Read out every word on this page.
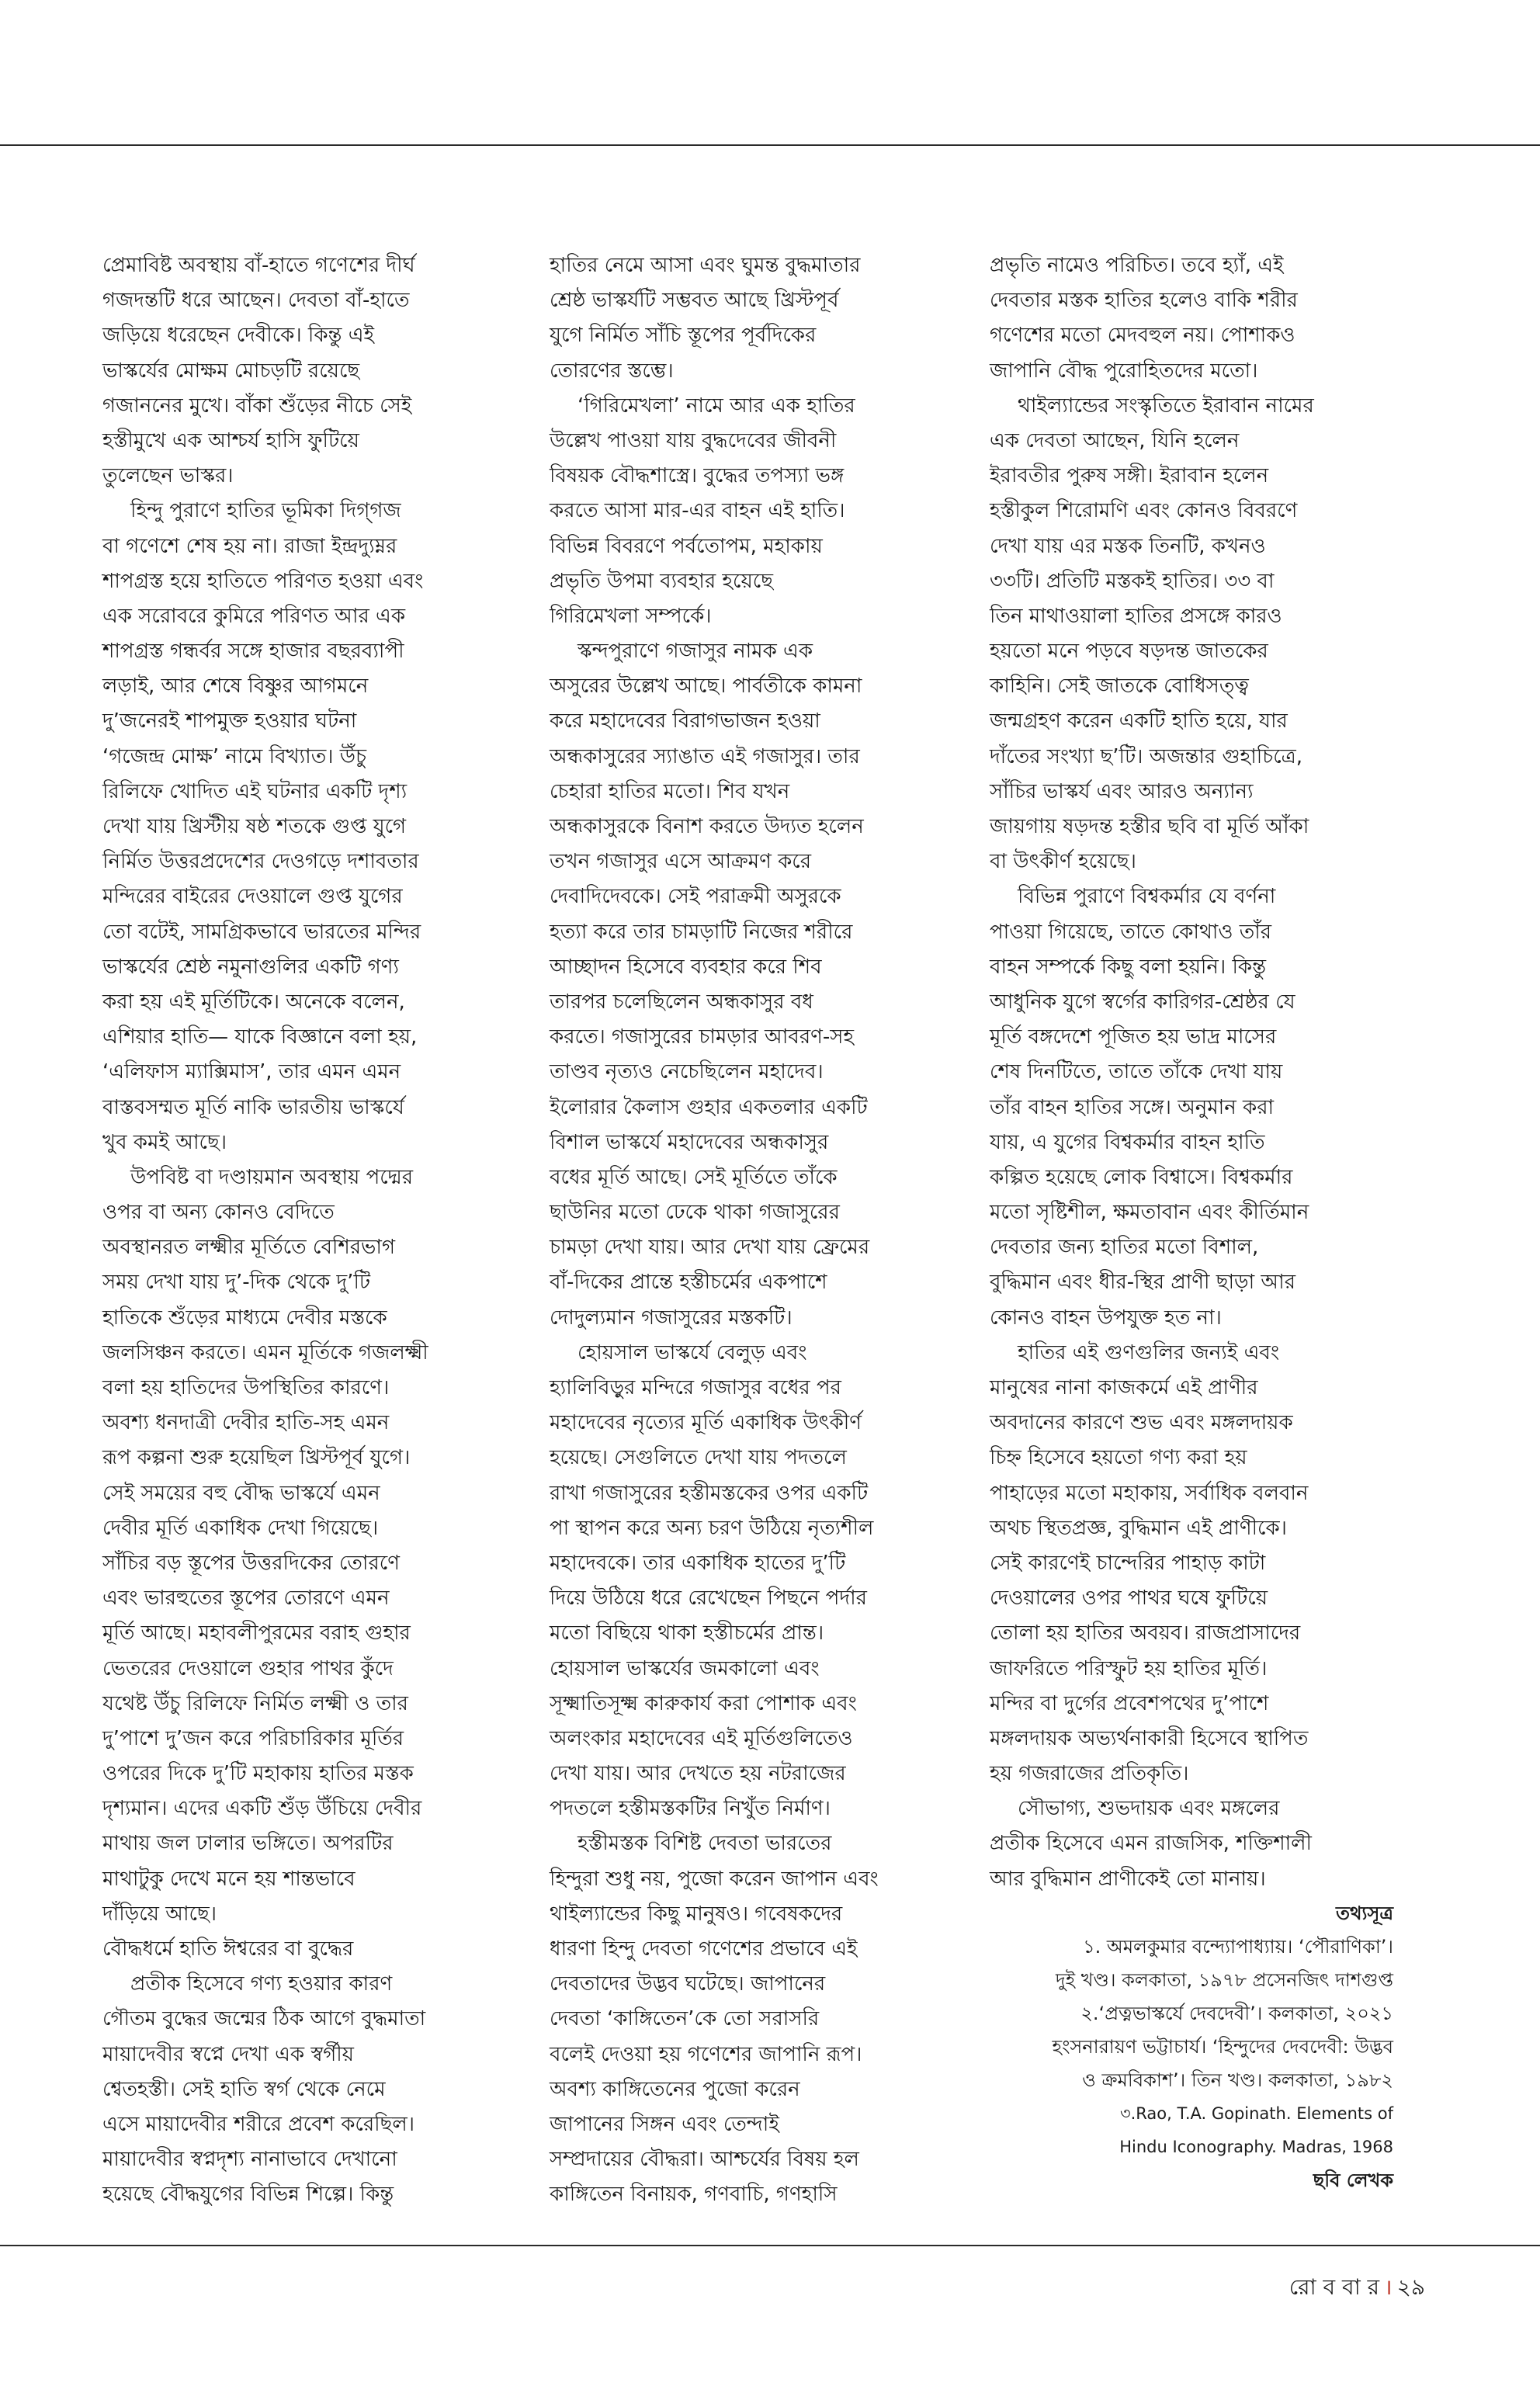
প্রেমাবিষ্ট অবস্থায় বাঁ-হাতে গণেশের দীর্ঘ
গজদন্তটি ধরে আছেন। দেবতা বাঁ-হাতে
জড়িয়ে ধরেছেন দেবীকে। কিন্তু এই
ভাস্কর্যের মোক্ষম মোচড়টি রয়েছে
গজাননের মুখে। বাঁকা শুঁড়ের নীচে সেই
হস্তীমুখে এক আশ্চর্য হাসি ফুটিয়ে
তুলেছেন ভাস্কর।
হিন্দু পুরাণে হাতির ভূমিকা দিগ্‌গজ
বা গণেশে শেষ হয় না। রাজা ইন্দ্রদ্যুম্নর
শাপগ্রস্ত হয়ে হাতিতে পরিণত হওয়া এবং
এক সরোবরে কুমিরে পরিণত আর এক
শাপগ্রস্ত গন্ধর্বর সঙ্গে হাজার বছরব্যাপী
লড়াই, আর শেষে বিষ্ণুর আগমনে
দু’জনেরই শাপমুক্ত হওয়ার ঘটনা
‘গজেন্দ্র মোক্ষ’ নামে বিখ্যাত। উঁচু
রিলিফে খোদিত এই ঘটনার একটি দৃশ্য
দেখা যায় খ্রিস্টীয় ষষ্ঠ শতকে গুপ্ত যুগে
নির্মিত উত্তরপ্রদেশের দেওগড়ে দশাবতার
মন্দিরের বাইরের দেওয়ালে গুপ্ত যুগের
তো বটেই, সামগ্রিকভাবে ভারতের মন্দির
ভাস্কর্যের শ্রেষ্ঠ নমুনাগুলির একটি গণ্য
করা হয় এই মূর্তিটিকে। অনেকে বলেন,
এশিয়ার হাতি— যাকে বিজ্ঞানে বলা হয়,
‘এলিফাস ম্যাক্সিমাস’, তার এমন এমন
বাস্তবসম্মত মূর্তি নাকি ভারতীয় ভাস্কর্যে
খুব কমই আছে।
উপবিষ্ট বা দণ্ডায়মান অবস্থায় পদ্মের
ওপর বা অন্য কোনও বেদিতে
অবস্থানরত লক্ষ্মীর মূর্তিতে বেশিরভাগ
সময় দেখা যায় দু’-দিক থেকে দু’টি
হাতিকে শুঁড়ের মাধ্যমে দেবীর মস্তকে
জলসিঞ্চন করতে। এমন মূর্তিকে গজলক্ষ্মী
বলা হয় হাতিদের উপস্থিতির কারণে।
অবশ্য ধনদাত্রী দেবীর হাতি-সহ এমন
রূপ কল্পনা শুরু হয়েছিল খ্রিস্টপূর্ব যুগে।
সেই সময়ের বহু বৌদ্ধ ভাস্কর্যে এমন
দেবীর মূর্তি একাধিক দেখা গিয়েছে।
সাঁচির বড় স্তূপের উত্তরদিকের তোরণে
এবং ভারহুতের স্তূপের তোরণে এমন
মূর্তি আছে। মহাবলীপুরমের বরাহ গুহার
ভেতরের দেওয়ালে গুহার পাথর কুঁদে
যথেষ্ট উঁচু রিলিফে নির্মিত লক্ষ্মী ও তার
দু’পাশে দু’জন করে পরিচারিকার মূর্তির
ওপরের দিকে দু’টি মহাকায় হাতির মস্তক
দৃশ্যমান। এদের একটি শুঁড় উঁচিয়ে দেবীর
মাথায় জল ঢালার ভঙ্গিতে। অপরটির
মাথাটুকু দেখে মনে হয় শান্তভাবে
দাঁড়িয়ে আছে।
বৌদ্ধধর্মে হাতি ঈশ্বরের বা বুদ্ধের
প্রতীক হিসেবে গণ্য হওয়ার কারণ
গৌতম বুদ্ধের জন্মের ঠিক আগে বুদ্ধমাতা
মায়াদেবীর স্বপ্নে দেখা এক স্বর্গীয়
শ্বেতহস্তী। সেই হাতি স্বর্গ থেকে নেমে
এসে মায়াদেবীর শরীরে প্রবেশ করেছিল।
মায়াদেবীর স্বপ্নদৃশ্য নানাভাবে দেখানো
হয়েছে বৌদ্ধযুগের বিভিন্ন শিল্পে। কিন্তু
হাতির নেমে আসা এবং ঘুমন্ত বুদ্ধমাতার
শ্রেষ্ঠ ভাস্কর্যটি সম্ভবত আছে খ্রিস্টপূর্ব
যুগে নির্মিত সাঁচি স্তূপের পূর্বদিকের
তোরণের স্তম্ভে।
‘গিরিমেখলা’ নামে আর এক হাতির
উল্লেখ পাওয়া যায় বুদ্ধদেবের জীবনী
বিষয়ক বৌদ্ধশাস্ত্রে। বুদ্ধের তপস্যা ভঙ্গ
করতে আসা মার-এর বাহন এই হাতি।
বিভিন্ন বিবরণে পর্বতোপম, মহাকায়
প্রভৃতি উপমা ব্যবহার হয়েছে
গিরিমেখলা সম্পর্কে।
স্কন্দপুরাণে গজাসুর নামক এক
অসুরের উল্লেখ আছে। পার্বতীকে কামনা
করে মহাদেবের বিরাগভাজন হওয়া
অন্ধকাসুরের স্যাঙাত এই গজাসুর। তার
চেহারা হাতির মতো। শিব যখন
অন্ধকাসুরকে বিনাশ করতে উদ্যত হলেন
তখন গজাসুর এসে আক্রমণ করে
দেবাদিদেবকে। সেই পরাক্রমী অসুরকে
হত্যা করে তার চামড়াটি নিজের শরীরে
আচ্ছাদন হিসেবে ব্যবহার করে শিব
তারপর চলেছিলেন অন্ধকাসুর বধ
করতে। গজাসুরের চামড়ার আবরণ-সহ
তাণ্ডব নৃত্যও নেচেছিলেন মহাদেব।
ইলোরার কৈলাস গুহার একতলার একটি
বিশাল ভাস্কর্যে মহাদেবের অন্ধকাসুর
বধের মূর্তি আছে। সেই মূর্তিতে তাঁকে
ছাউনির মতো ঢেকে থাকা গজাসুরের
চামড়া দেখা যায়। আর দেখা যায় ফ্রেমের
বাঁ-দিকের প্রান্তে হস্তীচর্মের একপাশে
দোদুল্যমান গজাসুরের মস্তকটি।
হোয়সাল ভাস্কর্যে বেলুড় এবং
হ্যালিবিড়ুর মন্দিরে গজাসুর বধের পর
মহাদেবের নৃত্যের মূর্তি একাধিক উৎকীর্ণ
হয়েছে। সেগুলিতে দেখা যায় পদতলে
রাখা গজাসুরের হস্তীমস্তকের ওপর একটি
পা স্থাপন করে অন্য চরণ উঠিয়ে নৃত্যশীল
মহাদেবকে। তার একাধিক হাতের দু’টি
দিয়ে উঠিয়ে ধরে রেখেছেন পিছনে পর্দার
মতো বিছিয়ে থাকা হস্তীচর্মের প্রান্ত।
হোয়সাল ভাস্কর্যের জমকালো এবং
সূক্ষ্মাতিসূক্ষ্ম কারুকার্য করা পোশাক এবং
অলংকার মহাদেবের এই মূর্তিগুলিতেও
দেখা যায়। আর দেখতে হয় নটরাজের
পদতলে হস্তীমস্তকটির নিখুঁত নির্মাণ।
হস্তীমস্তক বিশিষ্ট দেবতা ভারতের
হিন্দুরা শুধু নয়, পুজো করেন জাপান এবং
থাইল্যান্ডের কিছু মানুষও। গবেষকদের
ধারণা হিন্দু দেবতা গণেশের প্রভাবে এই
দেবতাদের উদ্ভব ঘটেছে। জাপানের
দেবতা ‘কাঙ্গিতেন’কে তো সরাসরি
বলেই দেওয়া হয় গণেশের জাপানি রূপ।
অবশ্য কাঙ্গিতেনের পুজো করেন
জাপানের সিঙ্গন এবং তেন্দাই
সম্প্রদায়ের বৌদ্ধরা। আশ্চর্যের বিষয় হল
কাঙ্গিতেন বিনায়ক, গণবাচি, গণহাসি
প্রভৃতি নামেও পরিচিত। তবে হ্যাঁ, এই
দেবতার মস্তক হাতির হলেও বাকি শরীর
গণেশের মতো মেদবহুল নয়। পোশাকও
জাপানি বৌদ্ধ পুরোহিতদের মতো।
থাইল্যান্ডের সংস্কৃতিতে ইরাবান নামের
এক দেবতা আছেন, যিনি হলেন
ইরাবতীর পুরুষ সঙ্গী। ইরাবান হলেন
হস্তীকুল শিরোমণি এবং কোনও বিবরণে
দেখা যায় এর মস্তক তিনটি, কখনও
৩৩টি। প্রতিটি মস্তকই হাতির। ৩৩ বা
তিন মাথাওয়ালা হাতির প্রসঙ্গে কারও
হয়তো মনে পড়বে ষড়দন্ত জাতকের
কাহিনি। সেই জাতকে বোধিসত্ত্ব
জন্মগ্রহণ করেন একটি হাতি হয়ে, যার
দাঁতের সংখ্যা ছ’টি। অজন্তার গুহাচিত্রে,
সাঁচির ভাস্কর্য এবং আরও অন্যান্য
জায়গায় ষড়দন্ত হস্তীর ছবি বা মূর্তি আঁকা
বা উৎকীর্ণ হয়েছে।
বিভিন্ন পুরাণে বিশ্বকর্মার যে বর্ণনা
পাওয়া গিয়েছে, তাতে কোথাও তাঁর
বাহন সম্পর্কে কিছু বলা হয়নি। কিন্তু
আধুনিক যুগে স্বর্গের কারিগর-শ্রেষ্ঠর যে
মূর্তি বঙ্গদেশে পূজিত হয় ভাদ্র মাসের
শেষ দিনটিতে, তাতে তাঁকে দেখা যায়
তাঁর বাহন হাতির সঙ্গে। অনুমান করা
যায়, এ যুগের বিশ্বকর্মার বাহন হাতি
কল্পিত হয়েছে লোক বিশ্বাসে। বিশ্বকর্মার
মতো সৃষ্টিশীল, ক্ষমতাবান এবং কীর্তিমান
দেবতার জন্য হাতির মতো বিশাল,
বুদ্ধিমান এবং ধীর-স্থির প্রাণী ছাড়া আর
কোনও বাহন উপযুক্ত হত না।
হাতির এই গুণগুলির জন্যই এবং
মানুষের নানা কাজকর্মে এই প্রাণীর
অবদানের কারণে শুভ এবং মঙ্গলদায়ক
চিহ্ন হিসেবে হয়তো গণ্য করা হয়
পাহাড়ের মতো মহাকায়, সর্বাধিক বলবান
অথচ স্থিতপ্রজ্ঞ, বুদ্ধিমান এই প্রাণীকে।
সেই কারণেই চান্দেরির পাহাড় কাটা
দেওয়ালের ওপর পাথর ঘষে ফুটিয়ে
তোলা হয় হাতির অবয়ব। রাজপ্রাসাদের
জাফরিতে পরিস্ফুট হয় হাতির মূর্তি।
মন্দির বা দুর্গের প্রবেশপথের দু’পাশে
মঙ্গলদায়ক অভ্যর্থনাকারী হিসেবে স্থাপিত
হয় গজরাজের প্রতিকৃতি।
সৌভাগ্য, শুভদায়ক এবং মঙ্গলের
প্রতীক হিসেবে এমন রাজসিক, শক্তিশালী
আর বুদ্ধিমান প্রাণীকেই তো মানায়।
তথ্যসূত্র
১. অমলকুমার বন্দ্যোপাধ্যায়। ‘পৌরাণিকা’।
দুই খণ্ড। কলকাতা, ১৯৭৮ প্রসেনজিৎ দাশগুপ্ত
২.‘প্রত্নভাস্কর্যে দেবদেবী’। কলকাতা, ২০২১
হংসনারায়ণ ভট্টাচার্য। ‘হিন্দুদের দেবদেবী: উদ্ভব
ও ক্রমবিকাশ’। তিন খণ্ড। কলকাতা, ১৯৮২
৩.Rao, T.A. Gopinath. Elements of
Hindu Iconography. Madras, 1968
ছবি লেখক
রো ব বা র । ২৯
